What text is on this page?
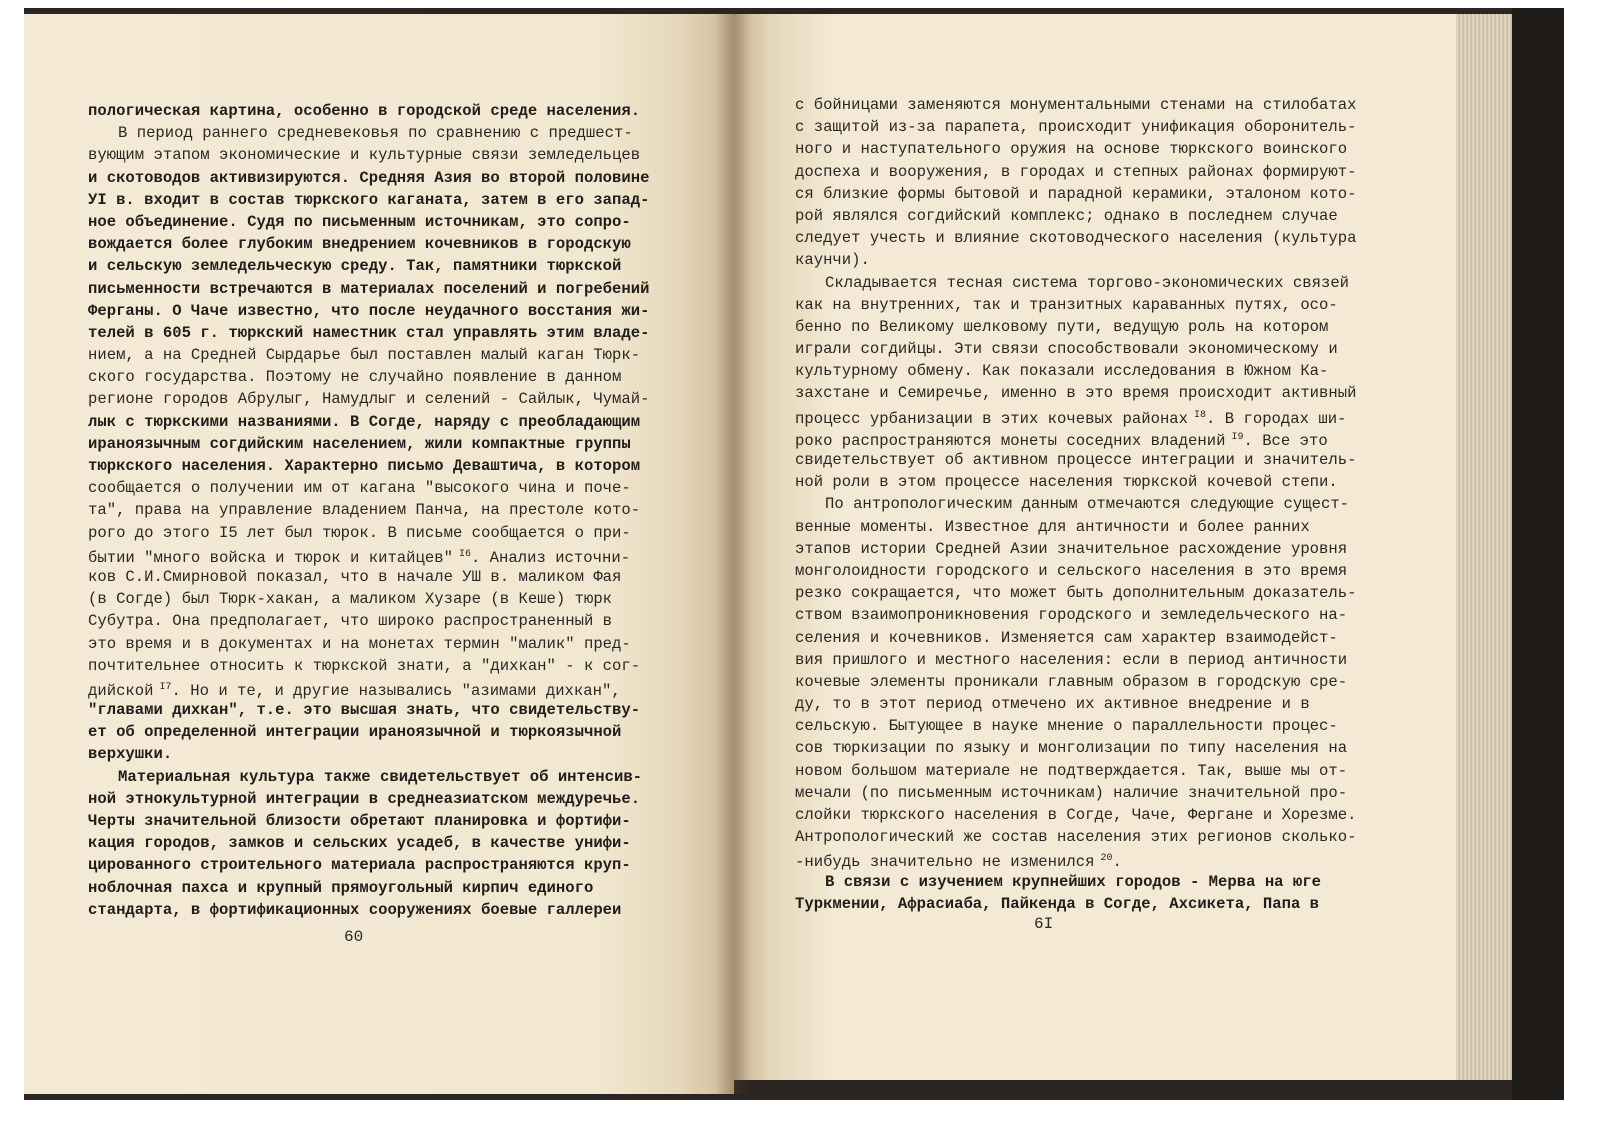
пологическая картина, особенно в городской среде населения.
В период раннего средневековья по сравнению с предшест-
вующим этапом экономические и культурные связи земледельцев
и скотоводов активизируются. Средняя Азия во второй половине
УI в. входит в состав тюркского каганата, затем в его запад-
ное объединение. Судя по письменным источникам, это сопро-
вождается более глубоким внедрением кочевников в городскую
и сельскую земледельческую среду. Так, памятники тюркской
письменности встречаются в материалах поселений и погребений
Ферганы. О Чаче известно, что после неудачного восстания жи-
телей в 605 г. тюркский наместник стал управлять этим владе-
нием, а на Средней Сырдарье был поставлен малый каган Тюрк-
ского государства. Поэтому не случайно появление в данном
регионе городов Абрулыг, Намудлыг и селений - Сайлык, Чумай-
лык с тюркскими названиями. В Согде, наряду с преобладающим
ираноязычным согдийским населением, жили компактные группы
тюркского населения. Характерно письмо Деваштича, в котором
сообщается о получении им от кагана "высокого чина и поче-
та", права на управление владением Панча, на престоле кото-
рого до этого I5 лет был тюрок. В письме сообщается о при-
бытии "много войска и тюрок и китайцев" $^{I6}$. Анализ источни-
ков С.И.Смирновой показал, что в начале УШ в. маликом Фая
(в Согде) был Тюрк-хакан, а маликом Хузаре (в Кеше) тюрк
Субутра. Она предполагает, что широко распространенный в
это время и в документах и на монетах термин "малик" пред-
почтительнее относить к тюркской знати, а "дихкан" - к сог-
дийской $^{I7}$. Но и те, и другие назывались "азимами дихкан",
"главами дихкан", т.е. это высшая знать, что свидетельству-
ет об определенной интеграции ираноязычной и тюркоязычной
верхушки.
Материальная культура также свидетельствует об интенсив-
ной этнокультурной интеграции в среднеазиатском междуречье.
Черты значительной близости обретают планировка и фортифи-
кация городов, замков и сельских усадеб, в качестве унифи-
цированного строительного материала распространяются круп-
ноблочная пахса и крупный прямоугольный кирпич единого
стандарта, в фортификационных сооружениях боевые галлереи
60
с бойницами заменяются монументальными стенами на стилобатах
с защитой из-за парапета, происходит унификация оборонитель-
ного и наступательного оружия на основе тюркского воинского
доспеха и вооружения, в городах и степных районах формируют-
ся близкие формы бытовой и парадной керамики, эталоном кото-
рой являлся согдийский комплекс; однако в последнем случае
следует учесть и влияние скотоводческого населения (культура
каунчи).
Складывается тесная система торгово-экономических связей
как на внутренних, так и транзитных караванных путях, осо-
бенно по Великому шелковому пути, ведущую роль на котором
играли согдийцы. Эти связи способствовали экономическому и
культурному обмену. Как показали исследования в Южном Ка-
захстане и Семиречье, именно в это время происходит активный
процесс урбанизации в этих кочевых районах $^{I8}$. В городах ши-
роко распространяются монеты соседних владений $^{I9}$. Все это
свидетельствует об активном процессе интеграции и значитель-
ной роли в этом процессе населения тюркской кочевой степи.
По антропологическим данным отмечаются следующие сущест-
венные моменты. Известное для античности и более ранних
этапов истории Средней Азии значительное расхождение уровня
монголоидности городского и сельского населения в это время
резко сокращается, что может быть дополнительным доказатель-
ством взаимопроникновения городского и земледельческого на-
селения и кочевников. Изменяется сам характер взаимодейст-
вия пришлого и местного населения: если в период античности
кочевые элементы проникали главным образом в городскую сре-
ду, то в этот период отмечено их активное внедрение и в
сельскую. Бытующее в науке мнение о параллельности процес-
сов тюркизации по языку и монголизации по типу населения на
новом большом материале не подтверждается. Так, выше мы от-
мечали (по письменным источникам) наличие значительной про-
слойки тюркского населения в Согде, Чаче, Фергане и Хорезме.
Антропологический же состав населения этих регионов сколько-
-нибудь значительно не изменился $^{20}$.
В связи с изучением крупнейших городов - Мерва на юге
Туркмении, Афрасиаба, Пайкенда в Согде, Ахсикета, Папа в
6I
